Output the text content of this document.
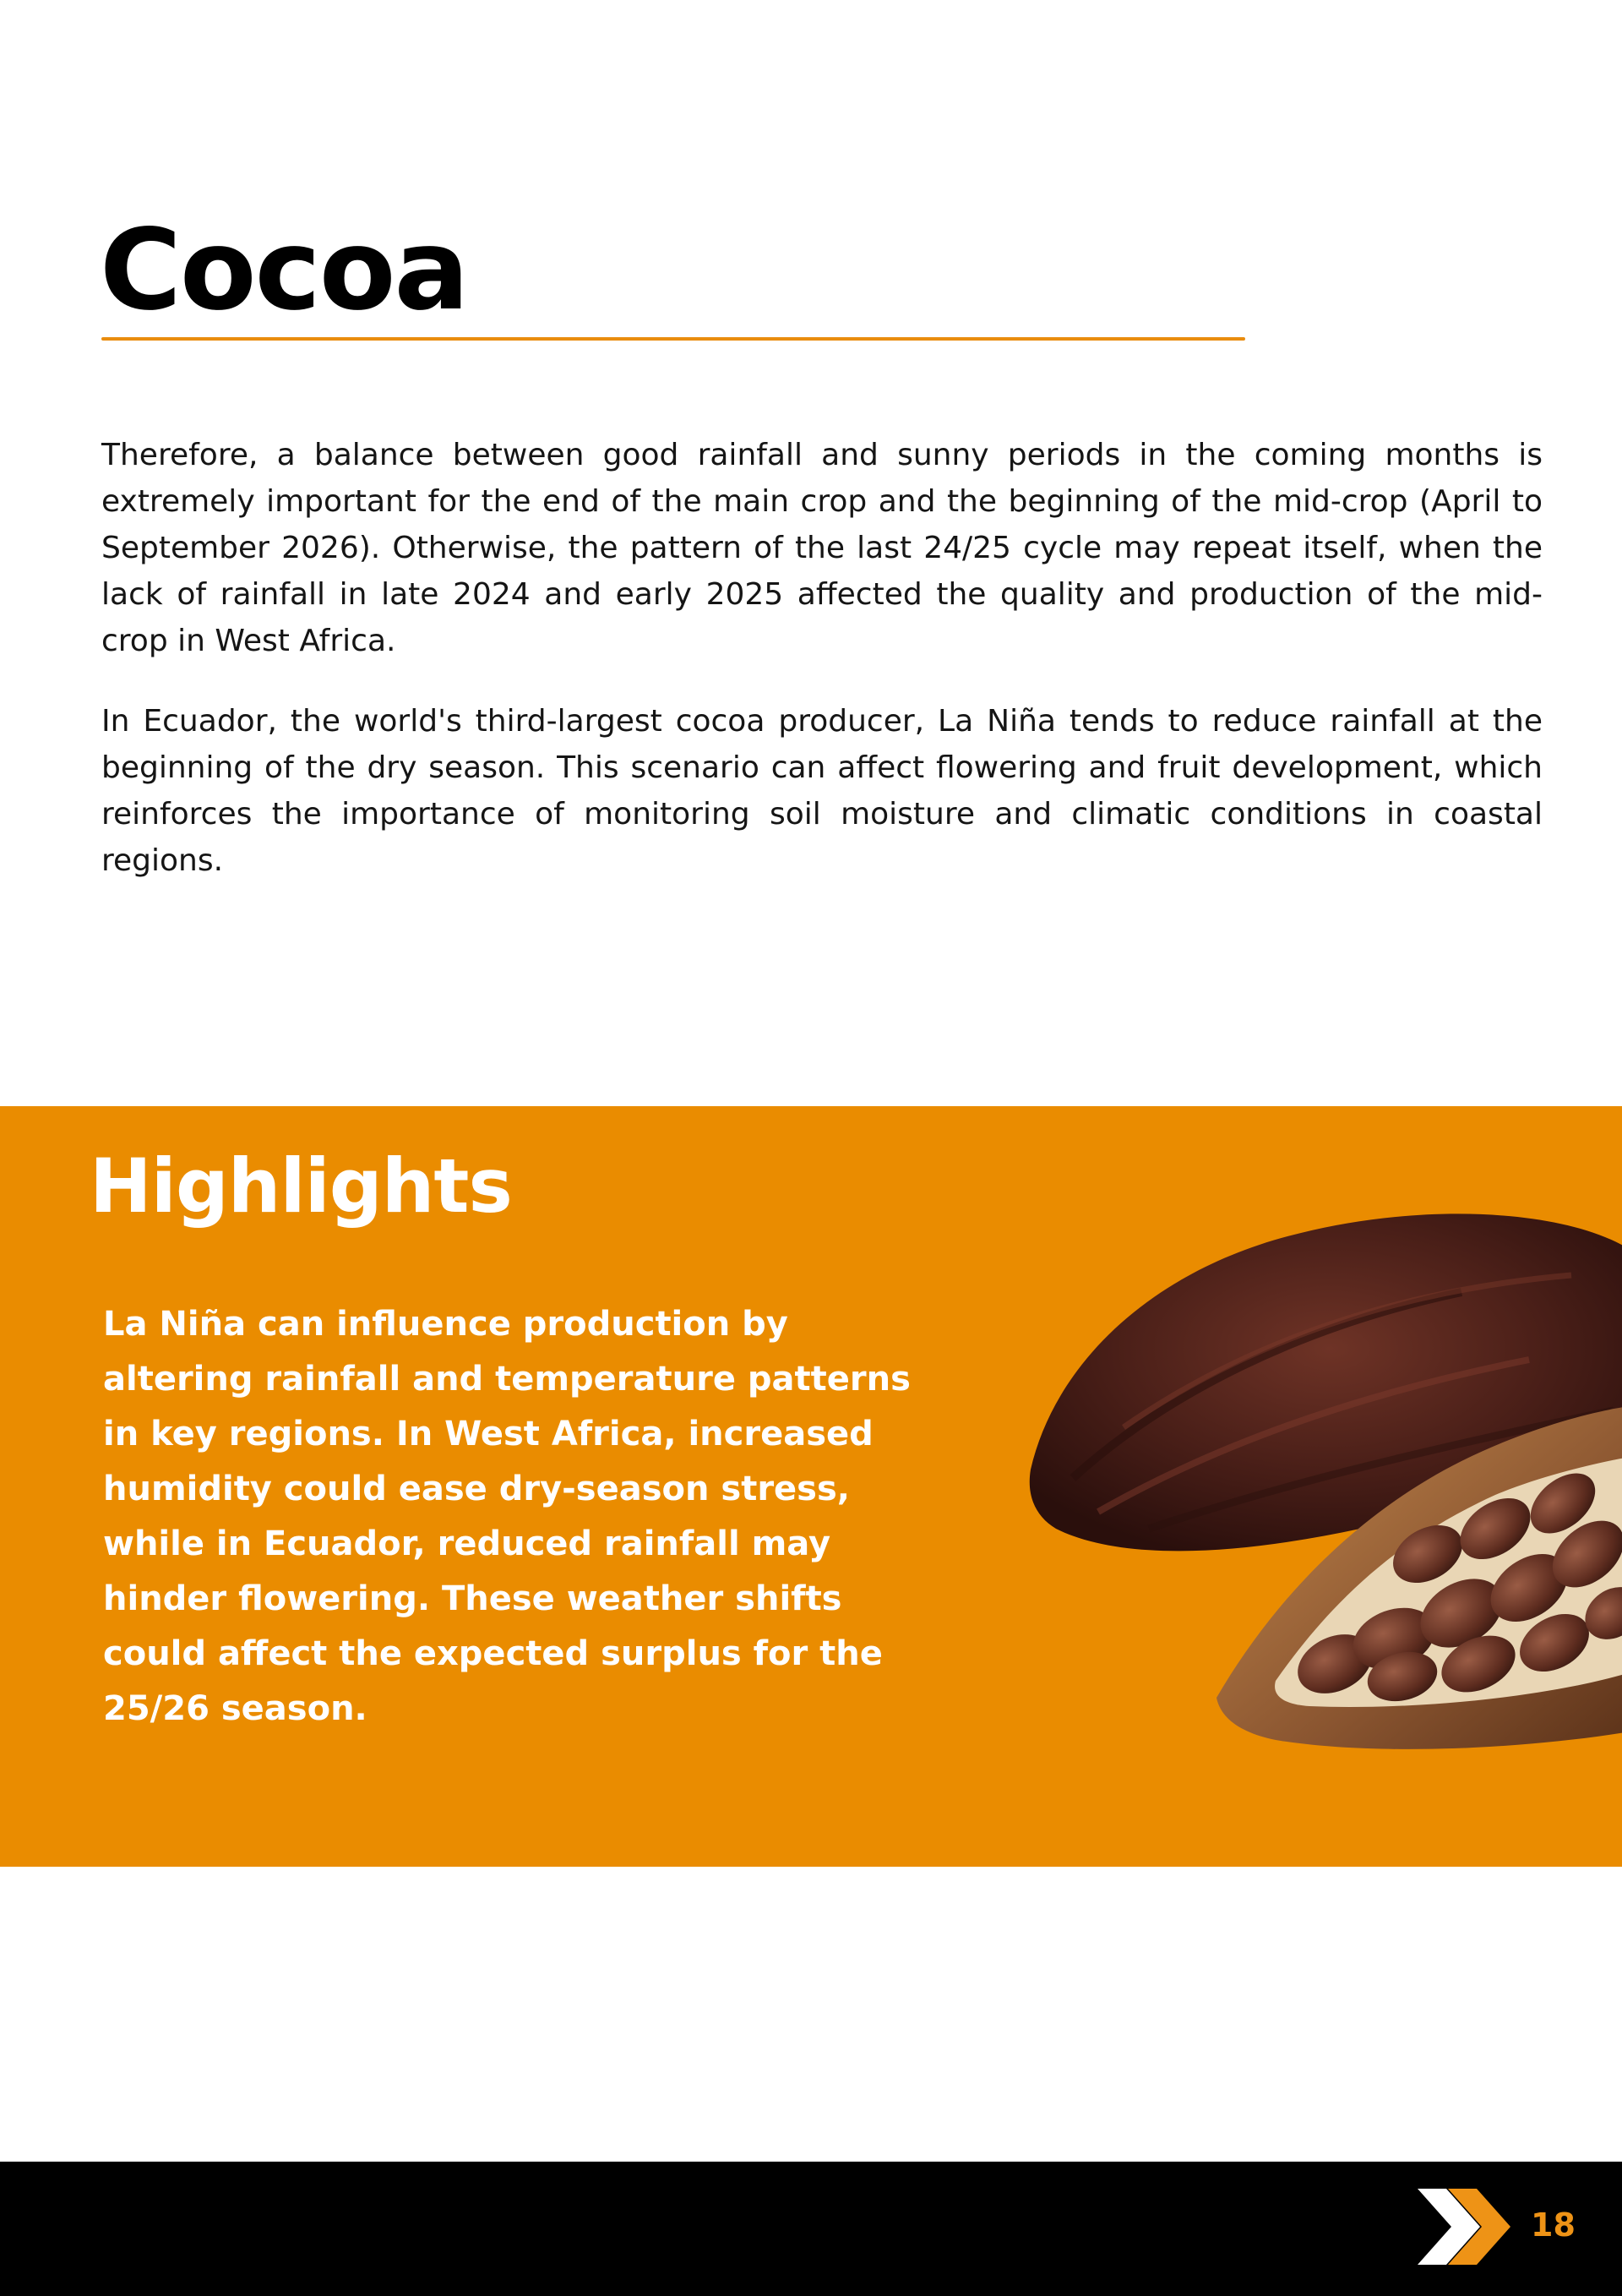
Cocoa

Therefore, a balance between good rainfall and sunny periods in the coming months is extremely important for the end of the main crop and the beginning of the mid-crop (April to September 2026). Otherwise, the pattern of the last 24/25 cycle may repeat itself, when the lack of rainfall in late 2024 and early 2025 affected the quality and production of the mid- crop in West Africa.

In Ecuador, the world's third-largest cocoa producer, La Niña tends to reduce rainfall at the beginning of the dry season. This scenario can affect flowering and fruit development, which reinforces the importance of monitoring soil moisture and climatic conditions in coastal regions.

Highlights

La Niña can influence production by altering rainfall and temperature patterns in key regions. In West Africa, increased humidity could ease dry-season stress, while in Ecuador, reduced rainfall may hinder flowering. These weather shifts could affect the expected surplus for the 25/26 season.

18
